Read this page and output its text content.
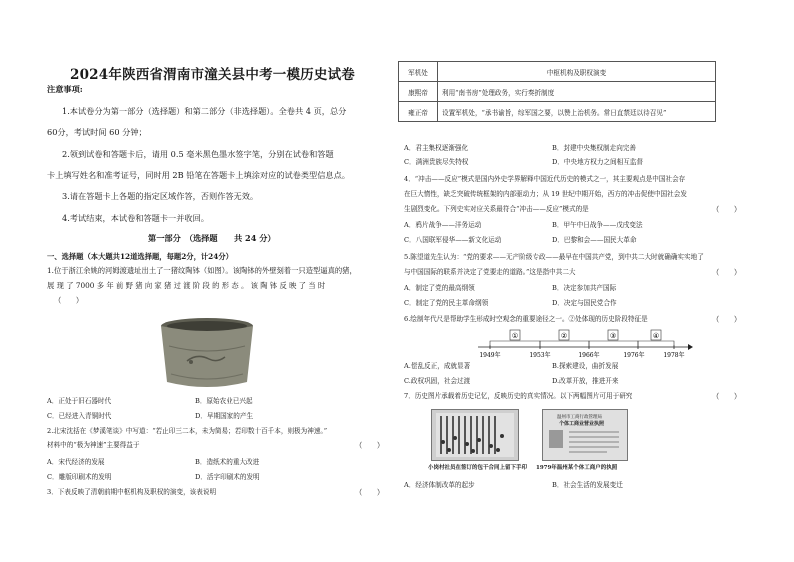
2024年陕西省渭南市潼关县中考一模历史试卷
注意事项:
1.本试卷分为第一部分（选择题）和第二部分（非选择题）。全卷共 4 页，总分
60分，考试时间 60 分钟；
2.领到试卷和答题卡后，请用 0.5 毫米黑色墨水签字笔，分别在试卷和答题
卡上填写姓名和准考证号，同时用 2B 铅笔在答题卡上填涂对应的试卷类型信息点。
3.请在答题卡上各题的指定区域作答，否则作答无效。
4.考试结束，本试卷和答题卡一并收回。
第一部分　（选择题　　共 24 分）
一、选择题（本大题共12道选择题，每题2分，计24分）
1.位于浙江余姚的河姆渡遗址出土了一猪纹陶钵（如图）。该陶钵的外壁刻着一只造型逼真的猪，
展 现 了 7000 多 年 前 野 猪 向 家 猪 过 渡 阶 段 的 形 态 。 该 陶 钵 反 映 了 当 时
（　　）
A．正处于旧石器时代	B．原始农业已兴起
C．已经进入青铜时代	D．早期国家的产生
2.北宋沈括在《梦溪笔谈》中写道：“若止印三二本，未为简易；若印数十百千本，则极为神速。”
材料中的“极为神速”主要得益于	（　　）
A．宋代经济的发展	B．造纸术的重大改进
C．雕版印刷术的发明	D．活字印刷术的发明
3．下表反映了清朝前期中枢机构及职权的演变，该表说明	（　　）
军机处	中枢机构及职权演变
康熙帝	利用“南书房”处理政务，实行奏折制度
雍正帝	设置军机处，“承书谕旨，综军国之要，以赞上治机务。常日直禁廷以待召见”
A．君主集权逐渐强化	B．封建中央集权制走向完善
C．满洲贵族尽失特权	D．中央地方权力之间相互监督
4．“冲击——反应”模式是国内外史学界解释中国近代历史的模式之一，其主要观点是中国社会存
在巨大惰性，缺乏突破传统框架的内部驱动力；从 19 世纪中期开始，西方的冲击促使中国社会发
生剧烈变化。下列史实对应关系最符合“冲击——反应”模式的是	（　　）
A．鸦片战争——洋务运动	B．甲午中日战争——戊戌变法
C．八国联军侵华——新文化运动	D．巴黎和会——国民大革命
5.陈望道先生认为：“党的要求——无产阶级专政——最早在中国共产党，到中共二大时就确确实实地了
与中国国际的联系并决定了党要走的道路。”这是指中共二大	（　　）
A．制定了党的最高纲领	B．决定参加共产国际
C．制定了党的民主革命纲领	D．决定与国民党合作
6.绘制年代尺是帮助学生形成时空观念的重要途径之一。②处体现的历史阶段特征是	（　　）
①	②	③	④
1949年	1953年	1966年	1976年	1978年
A.偿乱反正，成就显著	B.探索建设，曲折发展
C.政权巩固，社会过渡	D.改革开放，推进开来
7．历史图片承载着历史记忆，反映历史的真实情况。以下两幅图片可用于研究	（　　）
小岗村社员在签订的包干合同上留下手印
温州市工商行政管理局
个体工商业营业执照
1979年温州某个体工商户的执照
A．经济体制改革的起步	B．社会生活的发展变迁
